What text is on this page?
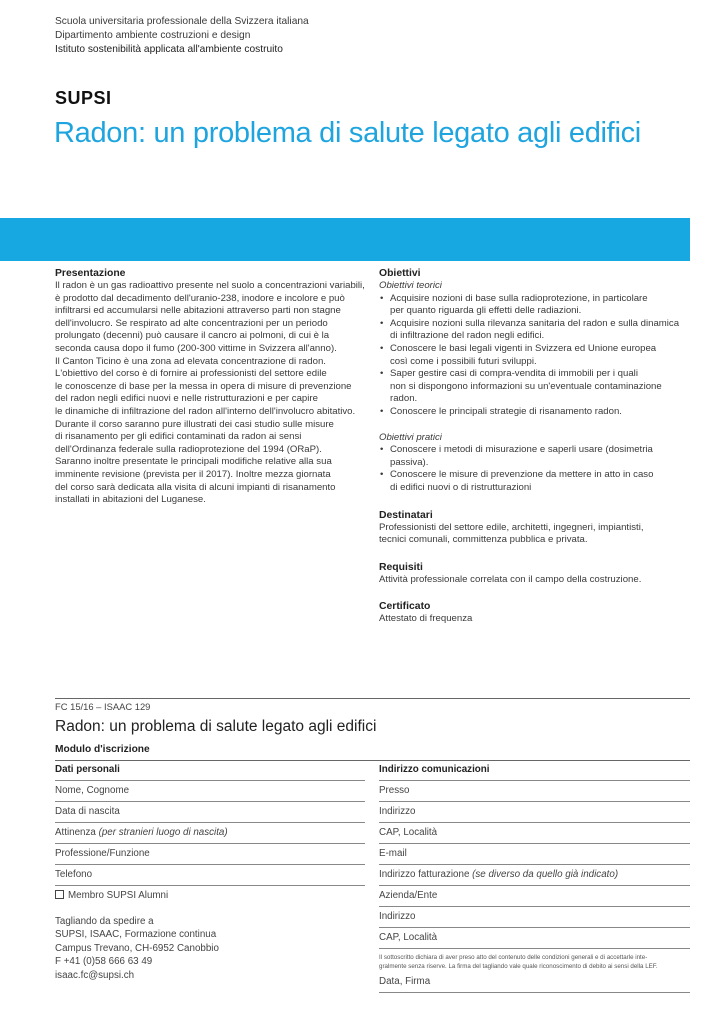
Scuola universitaria professionale della Svizzera italiana
Dipartimento ambiente costruzioni e design
Istituto sostenibilità applicata all'ambiente costruito
SUPSI
Radon: un problema di salute legato agli edifici
Presentazione
Il radon è un gas radioattivo presente nel suolo a concentrazioni variabili,
è prodotto dal decadimento dell'uranio-238, inodore e incolore e può
infiltrarsi ed accumularsi nelle abitazioni attraverso parti non stagne
dell'involucro. Se respirato ad alte concentrazioni per un periodo
prolungato (decenni) può causare il cancro ai polmoni, di cui è la
seconda causa dopo il fumo (200-300 vittime in Svizzera all'anno).
Il Canton Ticino è una zona ad elevata concentrazione di radon.
L'obiettivo del corso è di fornire ai professionisti del settore edile
le conoscenze di base per la messa in opera di misure di prevenzione
del radon negli edifici nuovi e nelle ristrutturazioni e per capire
le dinamiche di infiltrazione del radon all'interno dell'involucro abitativo.
Durante il corso saranno pure illustrati dei casi studio sulle misure
di risanamento per gli edifici contaminati da radon ai sensi
dell'Ordinanza federale sulla radioprotezione del 1994 (ORaP).
Saranno inoltre presentate le principali modifiche relative alla sua
imminente revisione (prevista per il 2017). Inoltre mezza giornata
del corso sarà dedicata alla visita di alcuni impianti di risanamento
installati in abitazioni del Luganese.
Obiettivi

Obiettivi teorici

• Acquisire nozioni di base sulla radioprotezione, in particolare
per quanto riguarda gli effetti delle radiazioni.
• Acquisire nozioni sulla rilevanza sanitaria del radon e sulla dinamica
di infiltrazione del radon negli edifici.
• Conoscere le basi legali vigenti in Svizzera ed Unione europea
così come i possibili futuri sviluppi.
• Saper gestire casi di compra-vendita di immobili per i quali
non si dispongono informazioni su un'eventuale contaminazione
radon.
• Conoscere le principali strategie di risanamento radon.

Obiettivi pratici

• Conoscere i metodi di misurazione e saperli usare (dosimetria
passiva).
• Conoscere le misure di prevenzione da mettere in atto in caso
di edifici nuovi o di ristrutturazioni
Destinatari
Professionisti del settore edile, architetti, ingegneri, impiantisti,
tecnici comunali, committenza pubblica e privata.
Requisiti

Attività professionale correlata con il campo della costruzione.

Certificato

Attestato di frequenza

FC 15/16 – ISAAC 129
Radon: un problema di salute legato agli edifici
Modulo d'iscrizione
Dati personali
Nome, Cognome
Data di nascita
Attinenza (per stranieri luogo di nascita)
Professione/Funzione
Telefono
Membro SUPSI Alumni
Tagliando da spedire a
SUPSI, ISAAC, Formazione continua
Campus Trevano, CH-6952 Canobbio
F +41 (0)58 666 63 49
isaac.fc@supsi.ch
Indirizzo comunicazioni
Presso
Indirizzo
CAP, Località
E-mail
Indirizzo fatturazione (se diverso da quello già indicato)
Azienda/Ente
Indirizzo
CAP, Località
Il sottoscritto dichiara di aver preso atto del contenuto delle condizioni generali e di accettarle inte-
gralmente senza riserve. La firma del tagliando vale quale riconoscimento di debito ai sensi della LEF.
Data, Firma
